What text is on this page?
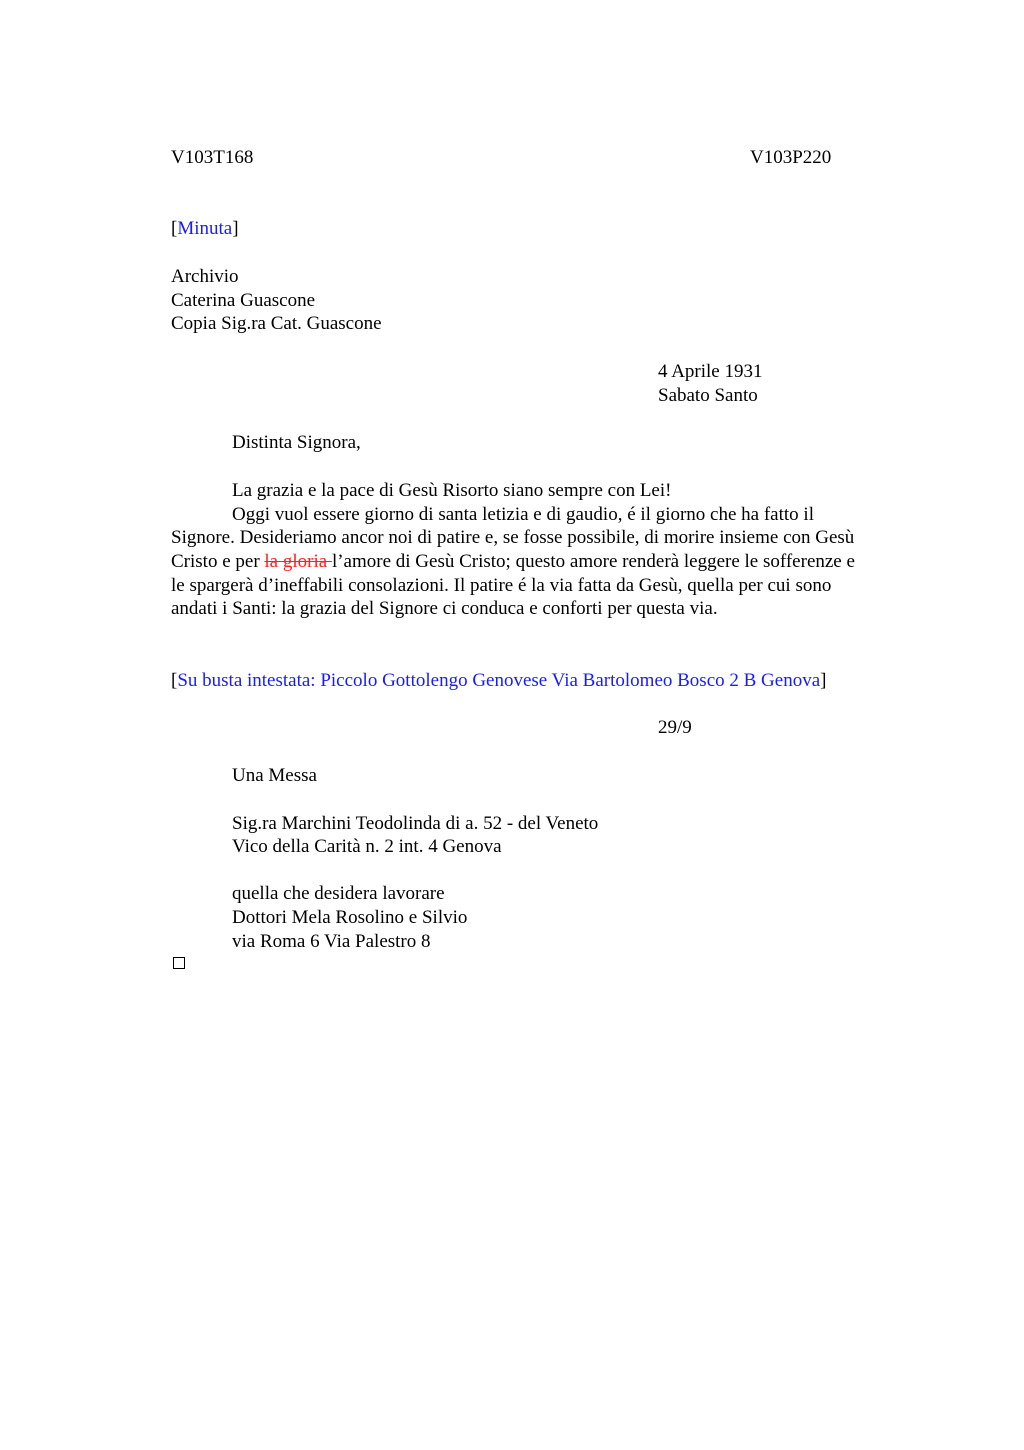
V103T168	V103P220
[Minuta]
Archivio
Caterina Guascone
Copia Sig.ra Cat. Guascone
4 Aprile 1931
Sabato Santo
Distinta Signora,
La grazia e la pace di Gesù Risorto siano sempre con Lei!
Oggi vuol essere giorno di santa letizia e di gaudio, é il giorno che ha fatto il
Signore. Desideriamo ancor noi di patire e, se fosse possibile, di morire insieme con Gesù
Cristo e per la gloria l’amore di Gesù Cristo; questo amore renderà leggere le sofferenze e
le spargerà d’ineffabili consolazioni. Il patire é la via fatta da Gesù, quella per cui sono
andati i Santi: la grazia del Signore ci conduca e conforti per questa via.
[Su busta intestata: Piccolo Gottolengo Genovese Via Bartolomeo Bosco 2 B Genova]
29/9
Una Messa
Sig.ra Marchini Teodolinda di a. 52 - del Veneto
Vico della Carità n. 2 int. 4 Genova
quella che desidera lavorare
Dottori Mela Rosolino e Silvio
via Roma 6 Via Palestro 8
